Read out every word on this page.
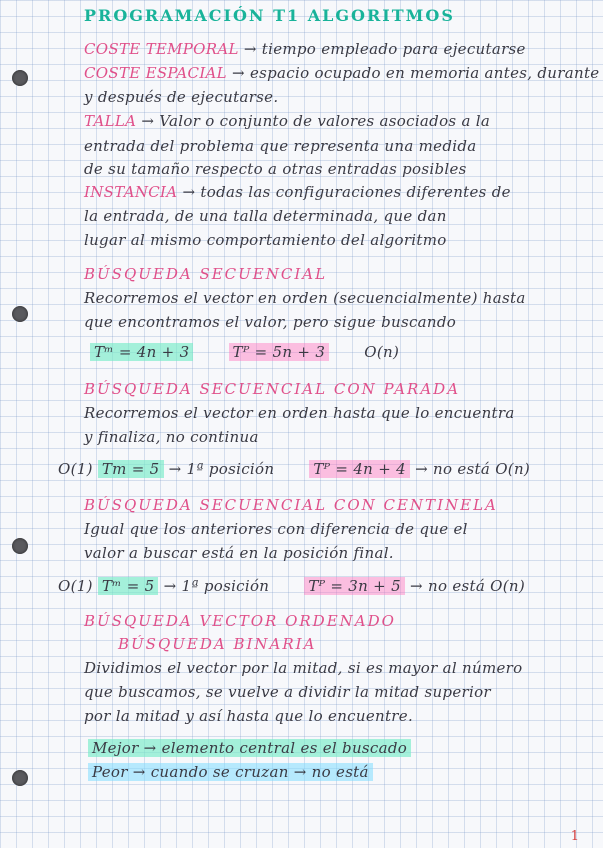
PROGRAMACIÓN T1 ALGORITMOS
COSTE TEMPORAL → tiempo empleado para ejecutarse
COSTE ESPACIAL → espacio ocupado en memoria antes, durante
y después de ejecutarse.
TALLA → Valor o conjunto de valores asociados a la
entrada del problema que representa una medida
de su tamaño respecto a otras entradas posibles
INSTANCIA → todas las configuraciones diferentes de
la entrada, de una talla determinada, que dan
lugar al mismo comportamiento del algoritmo
BÚSQUEDA SECUENCIAL
Recorremos el vector en orden (secuencialmente) hasta
que encontramos el valor, pero sigue buscando
Tᵐ = 4n + 3	Tᴾ = 5n + 3	O(n)
BÚSQUEDA SECUENCIAL CON PARADA
Recorremos el vector en orden hasta que lo encuentra
y finaliza, no continua
O(1) Tm = 5 → 1ª posición	Tᴾ = 4n + 4 → no está O(n)
BÚSQUEDA SECUENCIAL CON CENTINELA
Igual que los anteriores con diferencia de que el
valor a buscar está en la posición final.
O(1) Tᵐ = 5 → 1ª posición	Tᴾ = 3n + 5 → no está O(n)
BÚSQUEDA VECTOR ORDENADO
BÚSQUEDA BINARIA
Dividimos el vector por la mitad, si es mayor al número
que buscamos, se vuelve a dividir la mitad superior
por la mitad y así hasta que lo encuentre.
Mejor → elemento central es el buscado
Peor → cuando se cruzan → no está
1
